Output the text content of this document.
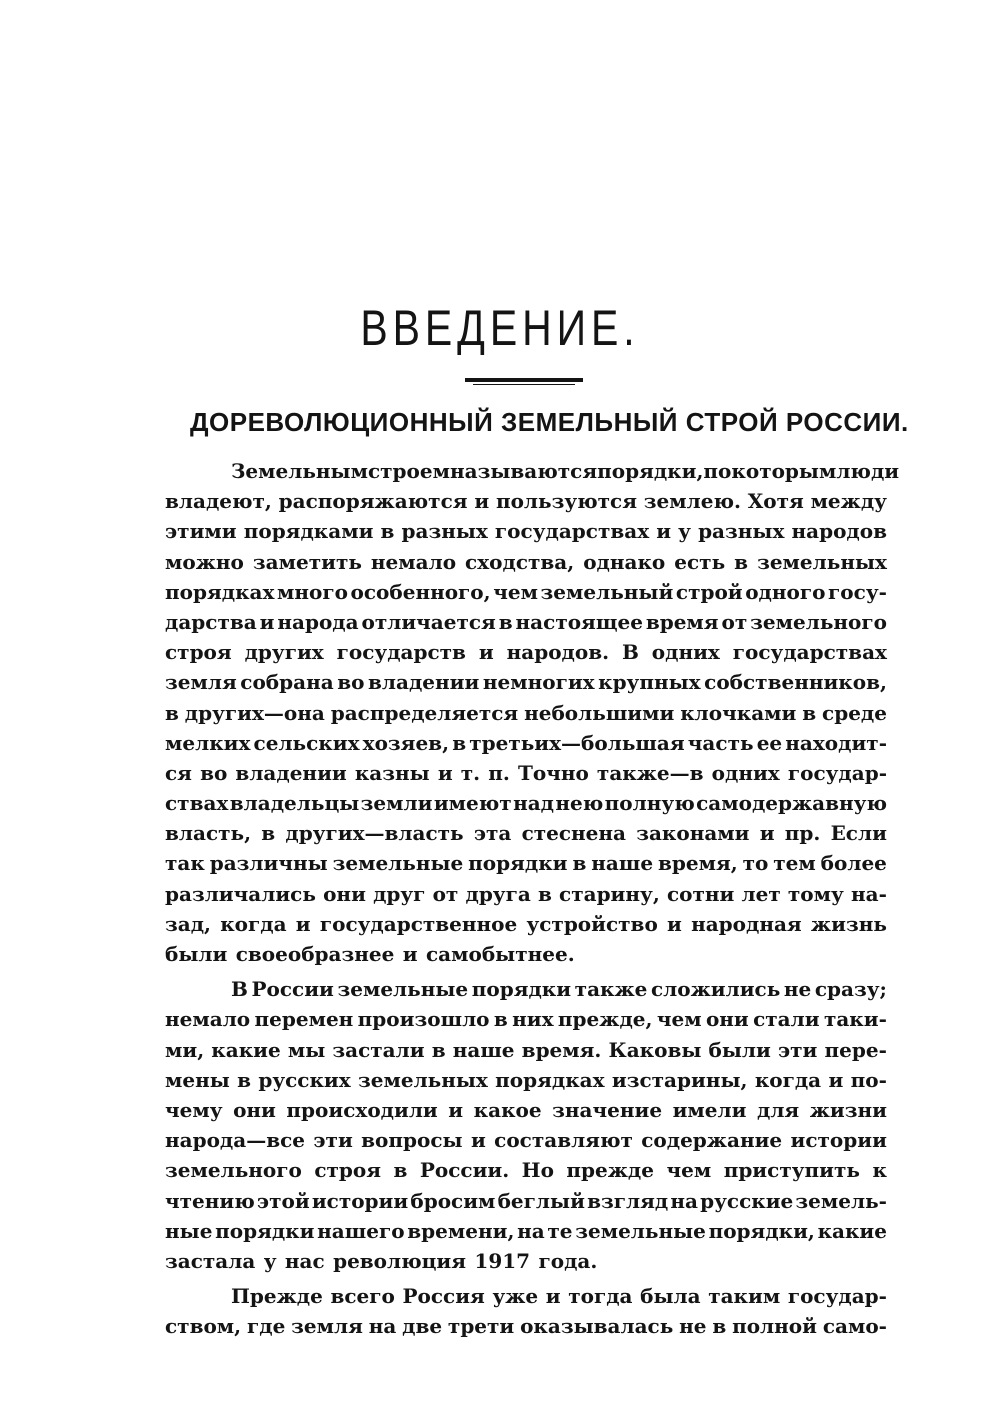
ВВЕДЕНИЕ.
ДОРЕВОЛЮЦИОННЫЙ ЗЕМЕЛЬНЫЙ СТРОЙ РОССИИ.
Земельным строем называются порядки, по которым люди
владеют, распоряжаются и пользуются землею. Хотя между
этими порядками в разных государствах и у разных народов
можно заметить немало сходства, однако есть в земельных
порядках много особенного, чем земельный строй одного госу-
дарства и народа отличается в настоящее время от земельного
строя других государств и народов. В одних государствах
земля собрана во владении немногих крупных собственников,
в других—она распределяется небольшими клочками в среде
мелких сельских хозяев, в третьих—большая часть ее находит-
ся во владении казны и т. п. Точно также—в одних государ-
ствах владельцы земли имеют над нею полную самодержавную
власть, в других—власть эта стеснена законами и пр. Если
так различны земельные порядки в наше время, то тем более
различались они друг от друга в старину, сотни лет тому на-
зад, когда и государственное устройство и народная жизнь
были своеобразнее и самобытнее.
В России земельные порядки также сложились не сразу;
немало перемен произошло в них прежде, чем они стали таки-
ми, какие мы застали в наше время. Каковы были эти пере-
мены в русских земельных порядках изстарины, когда и по-
чему они происходили и какое значение имели для жизни
народа—все эти вопросы и составляют содержание истории
земельного строя в России. Но прежде чем приступить к
чтению этой истории бросим беглый взгляд на русские земель-
ные порядки нашего времени, на те земельные порядки, какие
застала у нас революция 1917 года.
Прежде всего Россия уже и тогда была таким государ-
ством, где земля на две трети оказывалась не в полной само-
